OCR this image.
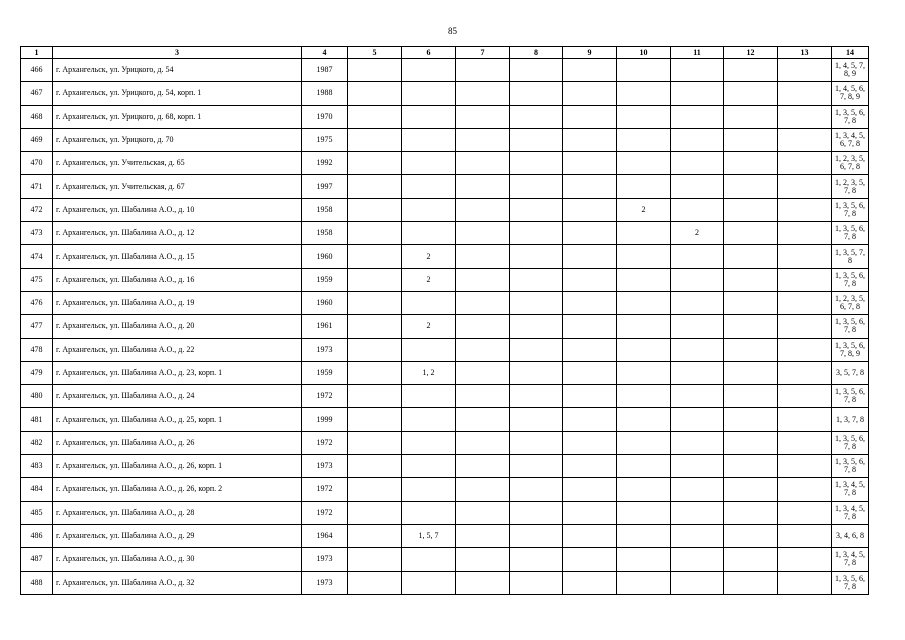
85
1	3	4	5	6	7	8	9	10	11	12	13	14
466	г. Архангельск, ул. Урицкого, д. 54	1987										1, 4, 5, 7, 8, 9
467	г. Архангельск, ул. Урицкого, д. 54, корп. 1	1988										1, 4, 5, 6, 7, 8, 9
468	г. Архангельск, ул. Урицкого, д. 68, корп. 1	1970										1, 3, 5, 6, 7, 8
469	г. Архангельск, ул. Урицкого, д. 70	1975										1, 3, 4, 5, 6, 7, 8
470	г. Архангельск, ул. Учительская, д. 65	1992										1, 2, 3, 5, 6, 7, 8
471	г. Архангельск, ул. Учительская, д. 67	1997										1, 2, 3, 5, 7, 8
472	г. Архангельск, ул. Шабалина А.О., д. 10	1958						2				1, 3, 5, 6, 7, 8
473	г. Архангельск, ул. Шабалина А.О., д. 12	1958							2			1, 3, 5, 6, 7, 8
474	г. Архангельск, ул. Шабалина А.О., д. 15	1960		2								1, 3, 5, 7, 8
475	г. Архангельск, ул. Шабалина А.О., д. 16	1959		2								1, 3, 5, 6, 7, 8
476	г. Архангельск, ул. Шабалина А.О., д. 19	1960										1, 2, 3, 5, 6, 7, 8
477	г. Архангельск, ул. Шабалина А.О., д. 20	1961		2								1, 3, 5, 6, 7, 8
478	г. Архангельск, ул. Шабалина А.О., д. 22	1973										1, 3, 5, 6, 7, 8, 9
479	г. Архангельск, ул. Шабалина А.О., д. 23, корп. 1	1959		1, 2								3, 5, 7, 8
480	г. Архангельск, ул. Шабалина А.О., д. 24	1972										1, 3, 5, 6, 7, 8
481	г. Архангельск, ул. Шабалина А.О., д. 25, корп. 1	1999										1, 3, 7, 8
482	г. Архангельск, ул. Шабалина А.О., д. 26	1972										1, 3, 5, 6, 7, 8
483	г. Архангельск, ул. Шабалина А.О., д. 26, корп. 1	1973										1, 3, 5, 6, 7, 8
484	г. Архангельск, ул. Шабалина А.О., д. 26, корп. 2	1972										1, 3, 4, 5, 7, 8
485	г. Архангельск, ул. Шабалина А.О., д. 28	1972										1, 3, 4, 5, 7, 8
486	г. Архангельск, ул. Шабалина А.О., д. 29	1964		1, 5, 7								3, 4, 6, 8
487	г. Архангельск, ул. Шабалина А.О., д. 30	1973										1, 3, 4, 5, 7, 8
488	г. Архангельск, ул. Шабалина А.О., д. 32	1973										1, 3, 5, 6, 7, 8
